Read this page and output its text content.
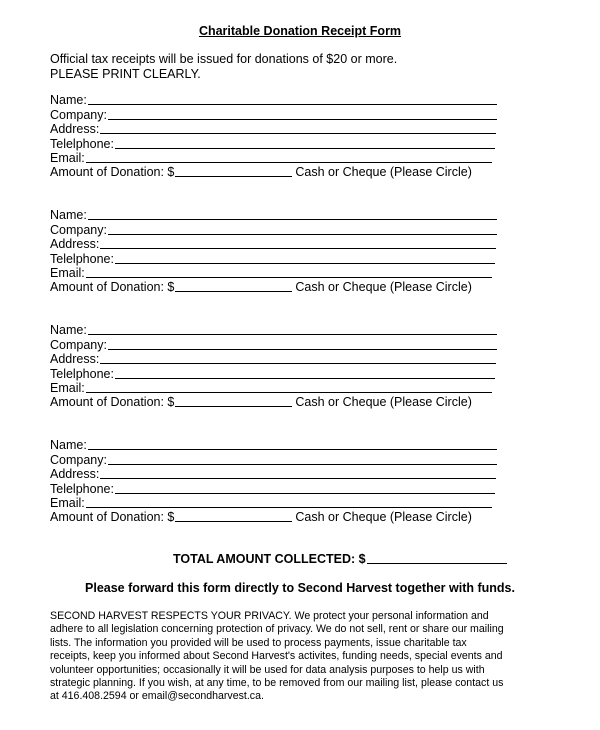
Charitable Donation Receipt Form
Official tax receipts will be issued for donations of $20 or more.
PLEASE PRINT CLEARLY.
Name:
Company:
Address:
Telelphone:
Email:
Amount of Donation: $	Cash or Cheque (Please Circle)
Name:
Company:
Address:
Telelphone:
Email:
Amount of Donation: $	Cash or Cheque (Please Circle)
Name:
Company:
Address:
Telelphone:
Email:
Amount of Donation: $	Cash or Cheque (Please Circle)
Name:
Company:
Address:
Telelphone:
Email:
Amount of Donation: $	Cash or Cheque (Please Circle)
TOTAL AMOUNT COLLECTED: $
Please forward this form directly to Second Harvest together with funds.
SECOND HARVEST RESPECTS YOUR PRIVACY. We protect your personal information and
adhere to all legislation concerning protection of privacy. We do not sell, rent or share our mailing
lists. The information you provided will be used to process payments, issue charitable tax
receipts, keep you informed about Second Harvest's activites, funding needs, special events and
volunteer opportunities; occasionally it will be used for data analysis purposes to help us with
strategic planning. If you wish, at any time, to be removed from our mailing list, please contact us
at 416.408.2594 or email@secondharvest.ca.
